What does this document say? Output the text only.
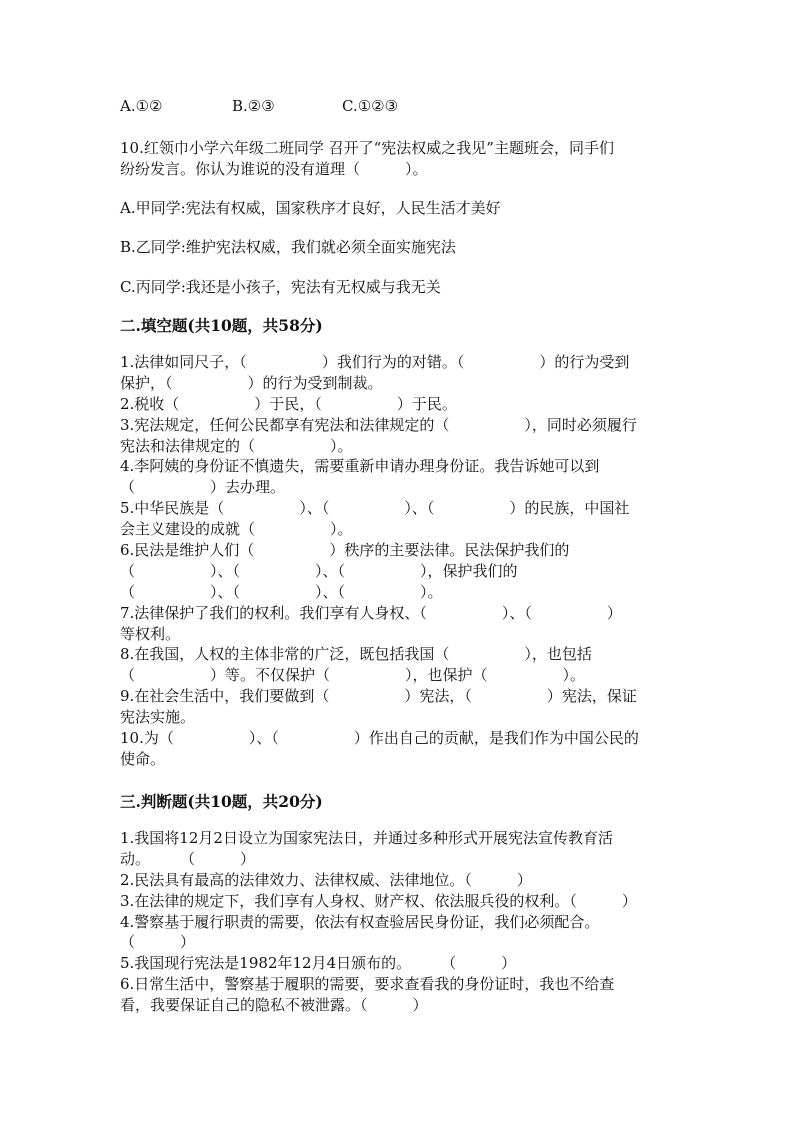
A.①②	B.②③	C.①②③
10.红领巾小学六年级二班同学 召开了“宪法权威之我见”主题班会，同手们
纷纷发言。你认为谁说的没有道理（　　　）。
A.甲同学:宪法有权威，国家秩序才良好，人民生活才美好
B.乙同学:维护宪法权威，我们就必须全面实施宪法
C.丙同学:我还是小孩子，宪法有无权威与我无关
二.填空题(共10题，共58分)
1.法律如同尺子，（　　　　　）我们行为的对错。（　　　　　）的行为受到
保护，（　　　　　）的行为受到制裁。
2.税收（　　　　　）于民，（　　　　　）于民。
3.宪法规定，任何公民都享有宪法和法律规定的（　　　　　），同时必须履行
宪法和法律规定的（　　　　　）。
4.李阿姨的身份证不慎遗失，需要重新申请办理身份证。我告诉她可以到
（　　　　　）去办理。
5.中华民族是（　　　　　）、（　　　　　）、（　　　　　）的民族，中国社
会主义建设的成就（　　　　　）。
6.民法是维护人们（　　　　　）秩序的主要法律。民法保护我们的
（　　　　　）、（　　　　　）、（　　　　　），保护我们的
（　　　　　）、（　　　　　）、（　　　　　）。
7.法律保护了我们的权利。我们享有人身权、（　　　　　）、（　　　　　）
等权利。
8.在我国，人权的主体非常的广泛，既包括我国（　　　　　），也包括
（　　　　　）等。不仅保护（　　　　　），也保护（　　　　　）。
9.在社会生活中，我们要做到（　　　　　）宪法，（　　　　　）宪法，保证
宪法实施。
10.为（　　　　　）、（　　　　　）作出自己的贡献，是我们作为中国公民的
使命。
三.判断题(共10题，共20分)
1.我国将12月2日设立为国家宪法日，并通过多种形式开展宪法宣传教育活
动。　　　（　　　）
2.民法具有最高的法律效力、法律权威、法律地位。（　　　）
3.在法律的规定下，我们享有人身权、财产权、依法服兵役的权利。（　　　）
4.警察基于履行职责的需要，依法有权查验居民身份证，我们必须配合。
（　　　）
5.我国现行宪法是1982年12月4日颁布的。　　　（　　　）
6.日常生活中，警察基于履职的需要，要求查看我的身份证时，我也不给查
看，我要保证自己的隐私不被泄露。（　　　）
